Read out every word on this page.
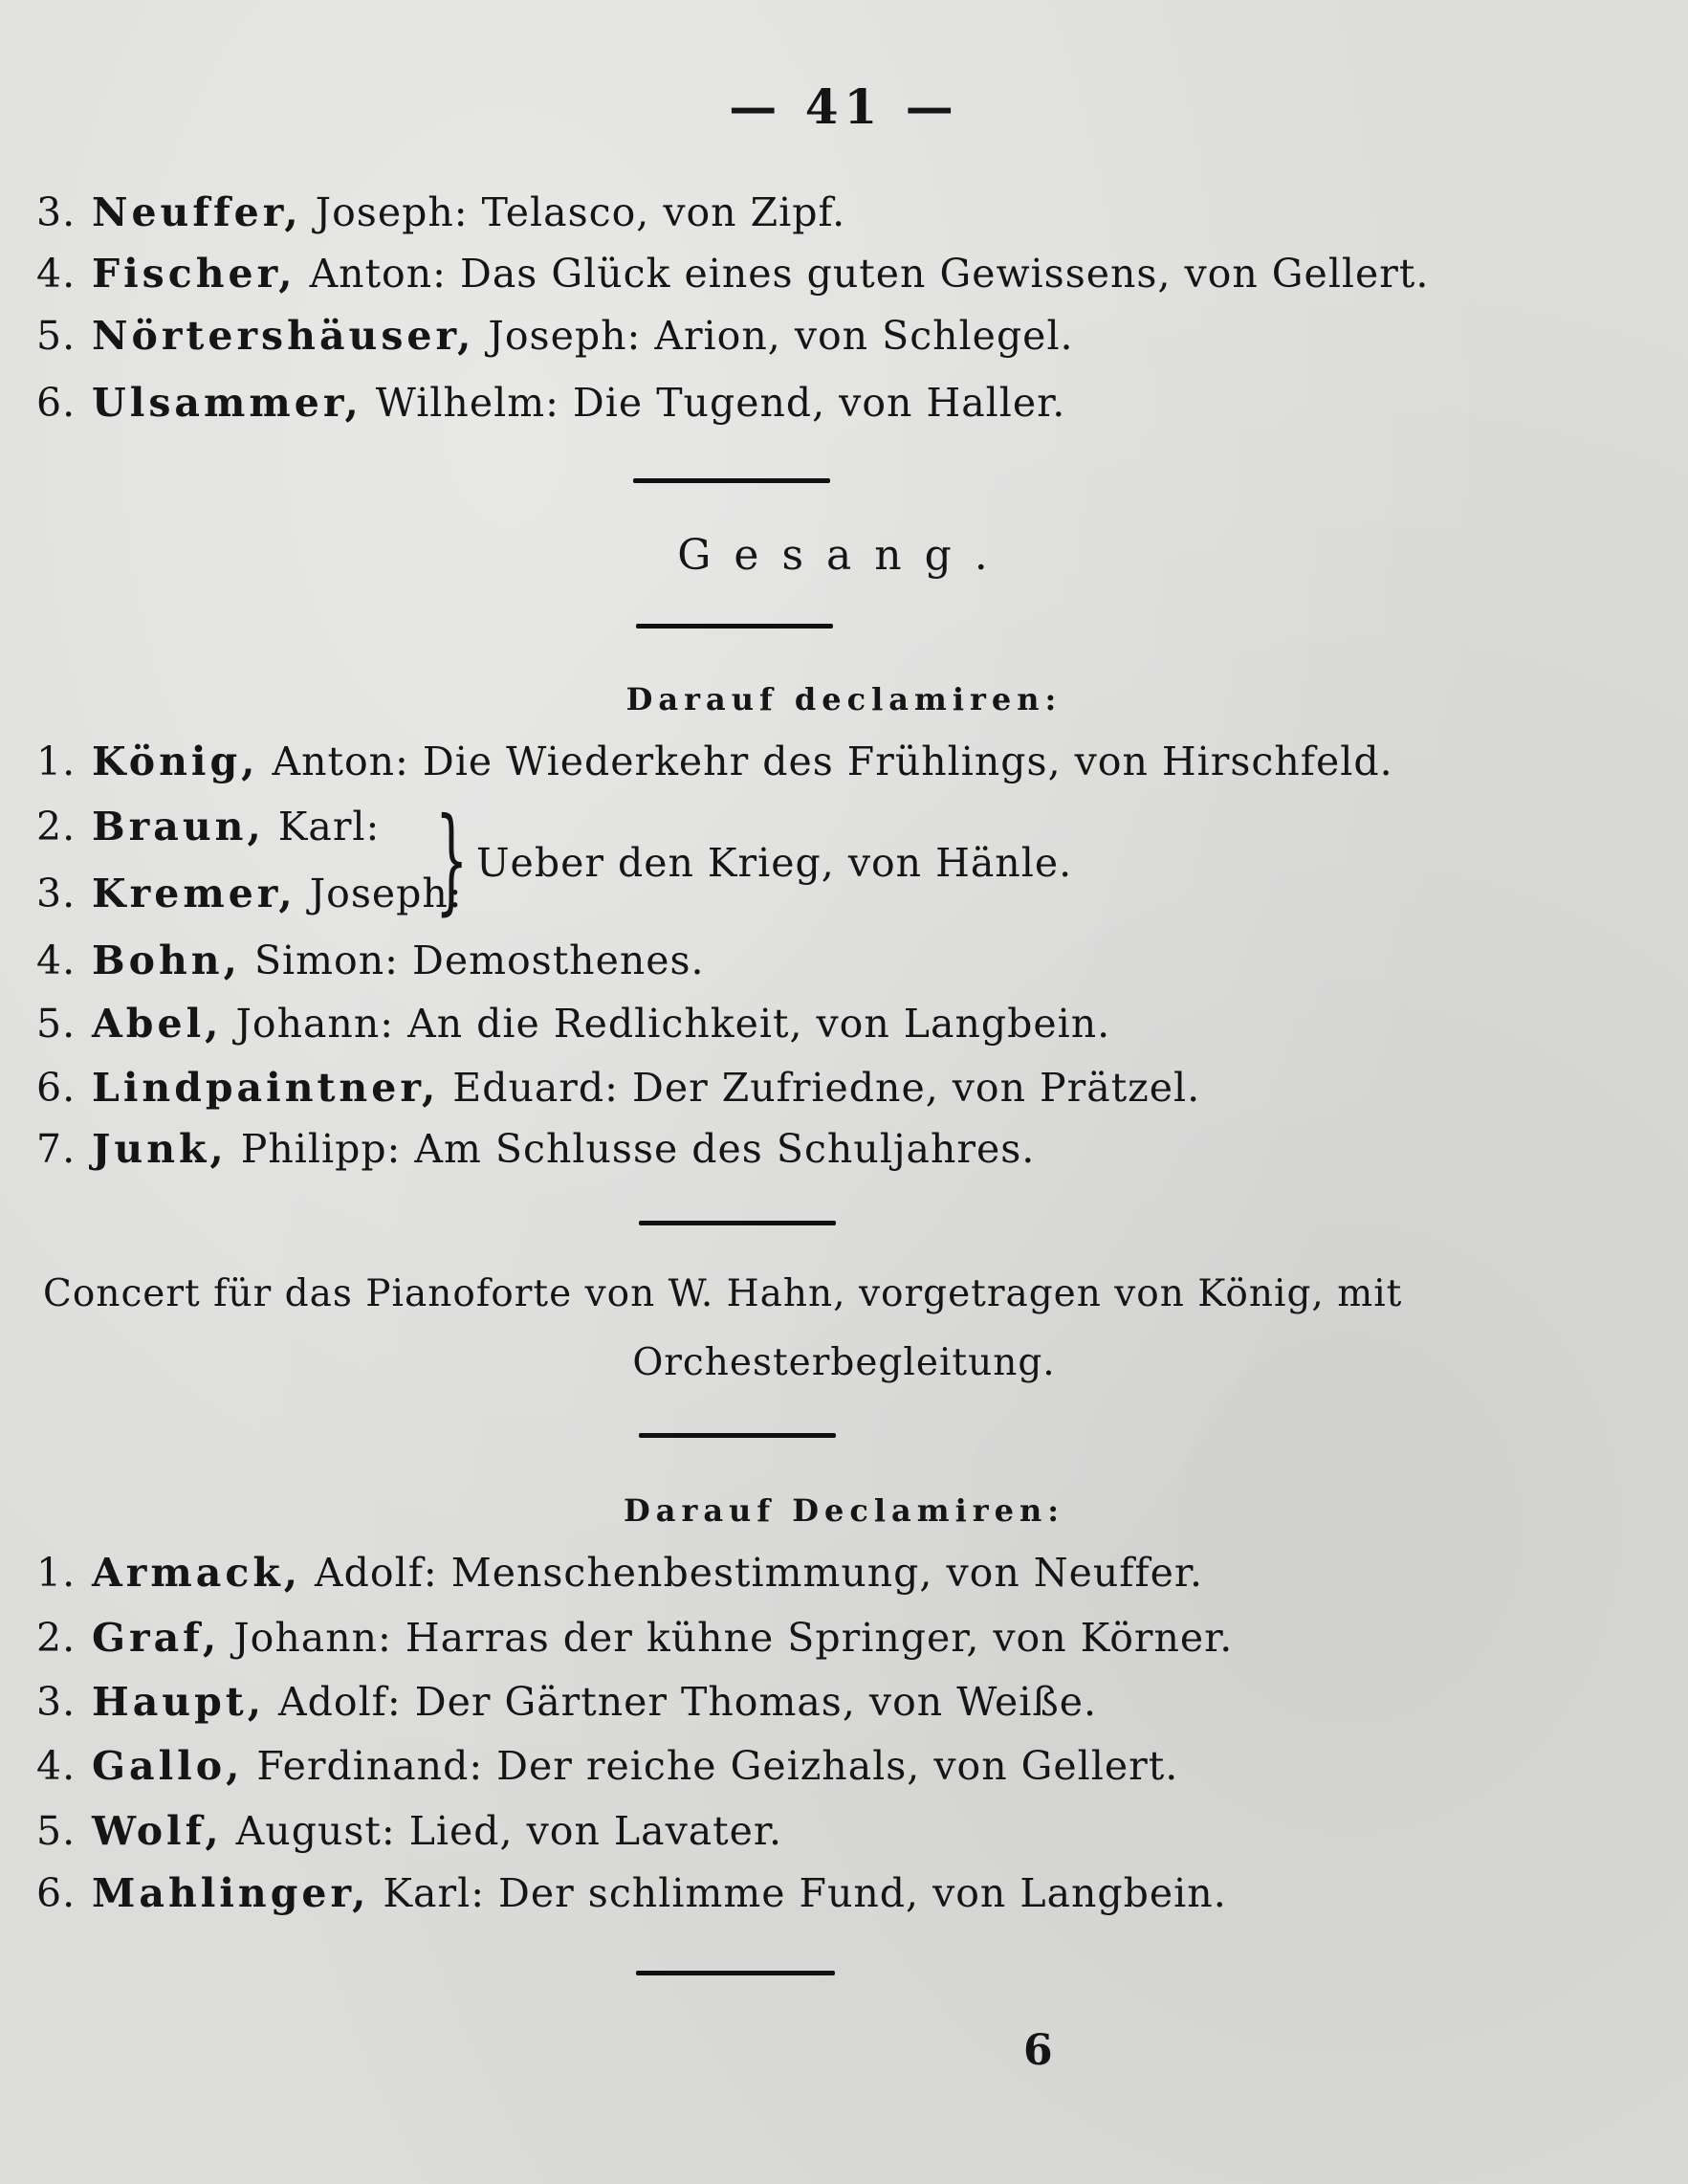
— 41 —
3. Neuffer, Joseph: Telasco, von Zipf.
4. Fischer, Anton: Das Glück eines guten Gewissens, von Gellert.
5. Nörtershäuser, Joseph: Arion, von Schlegel.
6. Ulsammer, Wilhelm: Die Tugend, von Haller.
Gesang.
Darauf declamiren:
1. König, Anton: Die Wiederkehr des Frühlings, von Hirschfeld.
2. Braun, Karl:
3. Kremer, Joseph:
} Ueber den Krieg, von Hänle.
4. Bohn, Simon: Demosthenes.
5. Abel, Johann: An die Redlichkeit, von Langbein.
6. Lindpaintner, Eduard: Der Zufriedne, von Prätzel.
7. Junk, Philipp: Am Schlusse des Schuljahres.
Concert für das Pianoforte von W. Hahn, vorgetragen von König, mit
Orchesterbegleitung.
Darauf Declamiren:
1. Armack, Adolf: Menschenbestimmung, von Neuffer.
2. Graf, Johann: Harras der kühne Springer, von Körner.
3. Haupt, Adolf: Der Gärtner Thomas, von Weiße.
4. Gallo, Ferdinand: Der reiche Geizhals, von Gellert.
5. Wolf, August: Lied, von Lavater.
6. Mahlinger, Karl: Der schlimme Fund, von Langbein.
6
